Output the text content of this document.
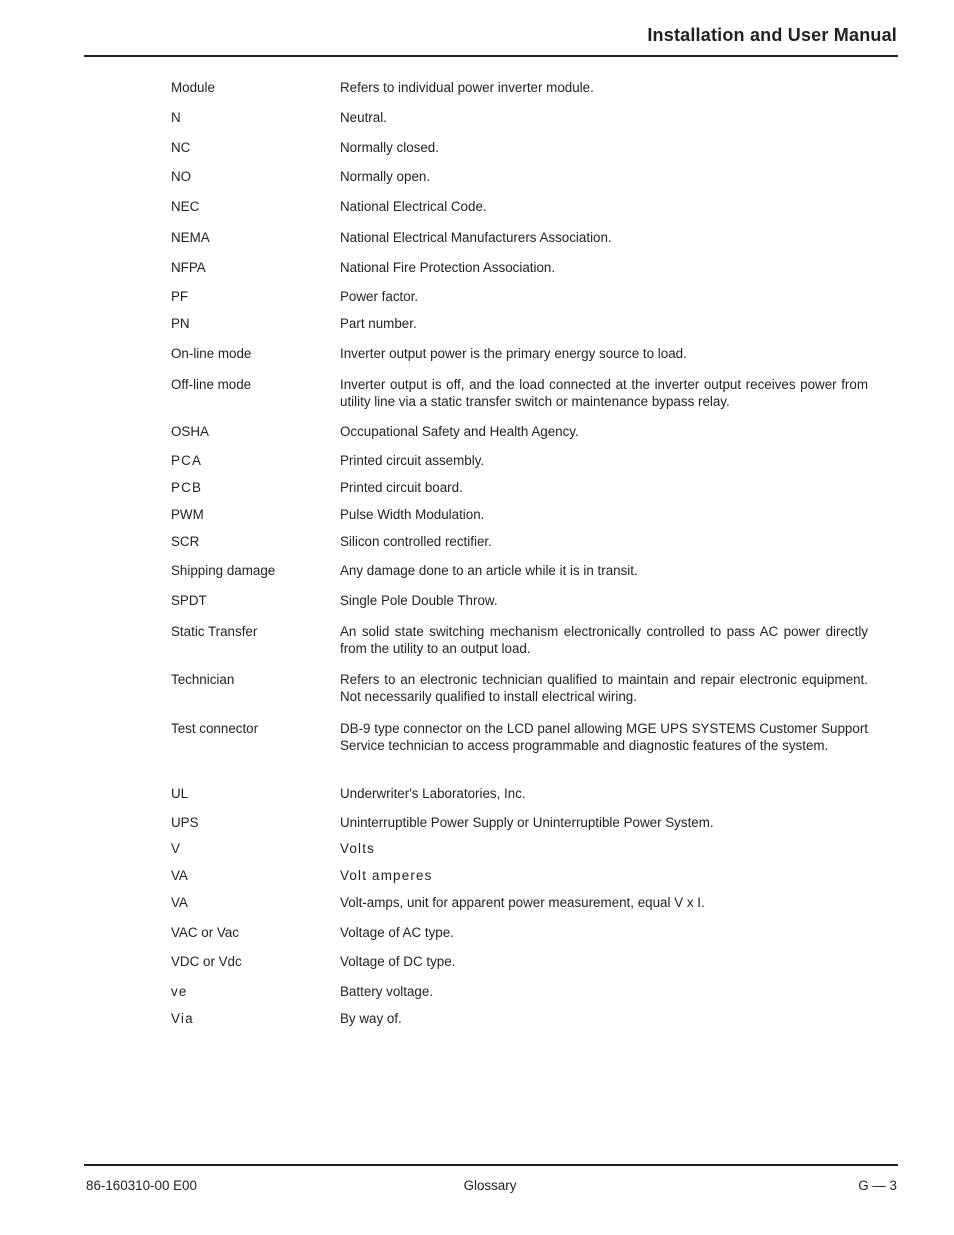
Installation and User Manual
Module	Refers to individual power inverter module.
N	Neutral.
NC	Normally closed.
NO	Normally open.
NEC	National Electrical Code.
NEMA	National Electrical Manufacturers Association.
NFPA	National Fire Protection Association.
PF	Power factor.
PN	Part number.
On-line mode	Inverter output power is the primary energy source to load.
Off-line mode	Inverter output is off, and the load connected at the inverter output receives power from utility line via a static transfer switch or maintenance bypass relay.
OSHA	Occupational Safety and Health Agency.
PCA	Printed circuit assembly.
PCB	Printed circuit board.
PWM	Pulse Width Modulation.
SCR	Silicon controlled rectifier.
Shipping damage	Any damage done to an article while it is in transit.
SPDT	Single Pole Double Throw.
Static Transfer	An solid state switching mechanism electronically controlled to pass AC power directly from the utility to an output load.
Technician	Refers to an electronic technician qualified to maintain and repair electronic equipment. Not necessarily qualified to install electrical wiring.
Test connector	DB-9 type connector on the LCD panel allowing MGE UPS SYSTEMS Customer Support Service technician to access programmable and diagnostic features of the system.
UL	Underwriter's Laboratories, Inc.
UPS	Uninterruptible Power Supply or Uninterruptible Power System.
V	Volts
VA	Volt amperes
VA	Volt-amps, unit for apparent power measurement, equal V x I.
VAC or Vac	Voltage of AC type.
VDC or Vdc	Voltage of DC type.
ve	Battery voltage.
Via	By way of.
86-160310-00 E00	Glossary	G — 3
